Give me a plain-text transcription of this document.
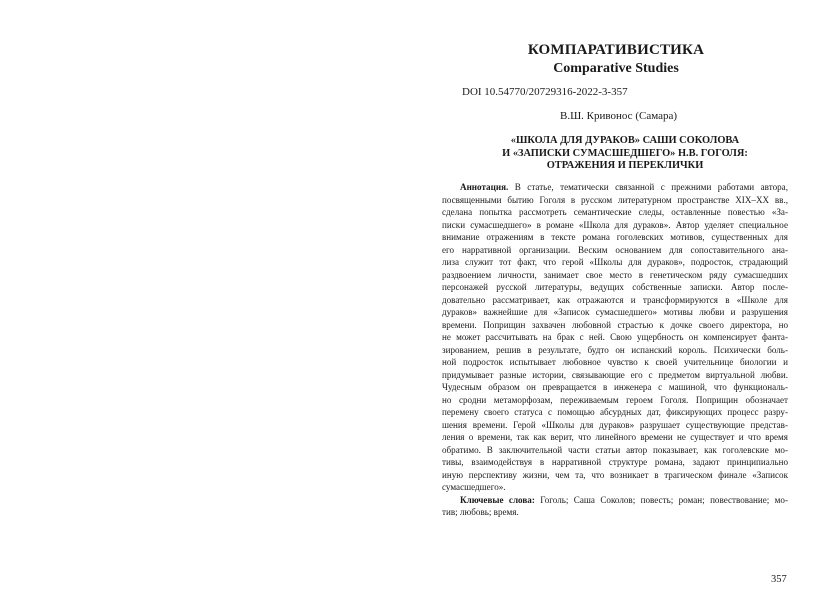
КОМПАРАТИВИСТИКА
Comparative Studies
DOI 10.54770/20729316-2022-3-357
В.Ш. Кривонос (Самара)
«ШКОЛА ДЛЯ ДУРАКОВ» САШИ СОКОЛОВА
И «ЗАПИСКИ СУМАСШЕДШЕГО» Н.В. ГОГОЛЯ:
ОТРАЖЕНИЯ И ПЕРЕКЛИЧКИ
Аннотация. В статье, тематически связанной с прежними работами автора,
посвященными бытию Гоголя в русском литературном пространстве XIX–XX вв.,
сделана попытка рассмотреть семантические следы, оставленные повестью «За-
писки сумасшедшего» в романе «Школа для дураков». Автор уделяет специальное
внимание отражениям в тексте романа гоголевских мотивов, существенных для
его нарративной организации. Веским основанием для сопоставительного ана-
лиза служит тот факт, что герой «Школы для дураков», подросток, страдающий
раздвоением личности, занимает свое место в генетическом ряду сумасшедших
персонажей русской литературы, ведущих собственные записки. Автор после-
довательно рассматривает, как отражаются и трансформируются в «Школе для
дураков» важнейшие для «Записок сумасшедшего» мотивы любви и разрушения
времени. Поприщин захвачен любовной страстью к дочке своего директора, но
не может рассчитывать на брак с ней. Свою ущербность он компенсирует фанта-
зированием, решив в результате, будто он испанский король. Психически боль-
ной подросток испытывает любовное чувство к своей учительнице биологии и
придумывает разные истории, связывающие его с предметом виртуальной любви.
Чудесным образом он превращается в инженера с машиной, что функциональ-
но сродни метаморфозам, переживаемым героем Гоголя. Поприщин обозначает
перемену своего статуса с помощью абсурдных дат, фиксирующих процесс разру-
шения времени. Герой «Школы для дураков» разрушает существующие представ-
ления о времени, так как верит, что линейного времени не существует и что время
обратимо. В заключительной части статьи автор показывает, как гоголевские мо-
тивы, взаимодействуя в нарративной структуре романа, задают принципиально
иную перспективу жизни, чем та, что возникает в трагическом финале «Записок
сумасшедшего».
Ключевые слова: Гоголь; Саша Соколов; повесть; роман; повествование; мо-
тив; любовь; время.
357
